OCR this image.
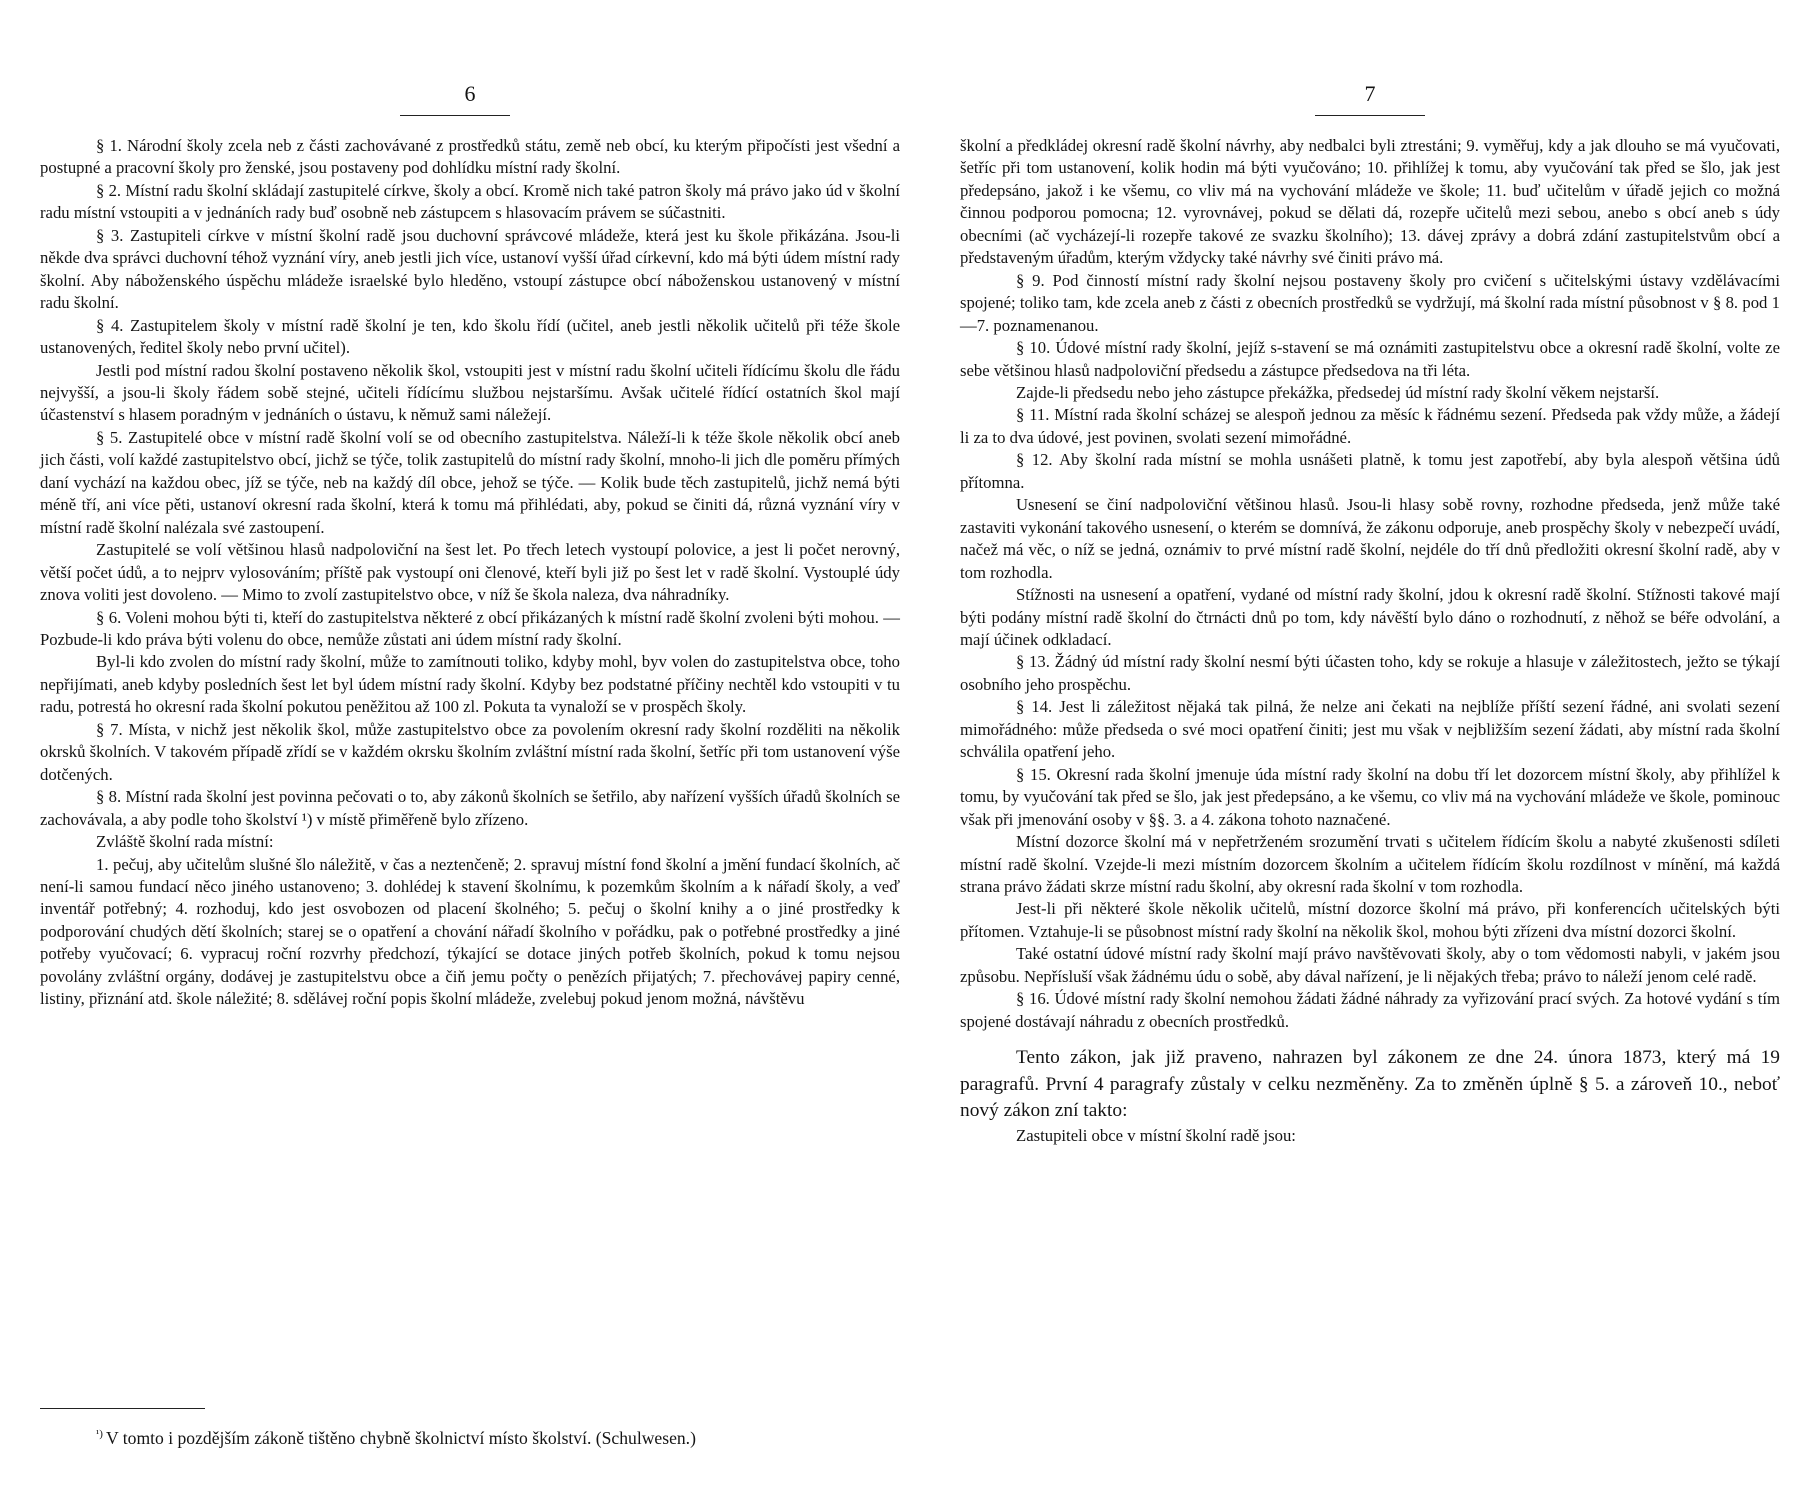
6

§ 1. Národní školy zcela neb z části zachovávané z prostředků státu, země neb obcí, ku kterým připočísti jest všední a postupné a pracovní školy pro ženské, jsou postaveny pod dohlídku místní rady školní.

§ 2. Místní radu školní skládají zastupitelé církve, školy a obcí. Kromě nich také patron školy má právo jako úd v školní radu místní vstoupiti a v jednáních rady buď osobně neb zástupcem s hlasovacím právem se súčastniti.

§ 3. Zastupiteli církve v místní školní radě jsou duchovní správcové mládeže, která jest ku škole přikázána. Jsou-li někde dva správci duchovní téhož vyznání víry, aneb jestli jich více, ustanoví vyšší úřad církevní, kdo má býti údem místní rady školní. Aby náboženského úspěchu mládeže israelské bylo hleděno, vstoupí zástupce obcí náboženskou ustanovený v místní radu školní.

§ 4. Zastupitelem školy v místní radě školní je ten, kdo školu řídí (učitel, aneb jestli několik učitelů při téže škole ustanovených, ředitel školy nebo první učitel).

Jestli pod místní radou školní postaveno několik škol, vstoupiti jest v místní radu školní učiteli řídícímu školu dle řádu nejvyšší, a jsou-li školy řádem sobě stejné, učiteli řídícímu službou nejstaršímu. Avšak učitelé řídící ostatních škol mají účastenství s hlasem poradným v jednáních o ústavu, k němuž sami náležejí.

§ 5. Zastupitelé obce v místní radě školní volí se od obecního zastupitelstva. Náleží-li k téže škole několik obcí aneb jich části, volí každé zastupitelstvo obcí, jichž se týče, tolik zastupitelů do místní rady školní, mnoho-li jich dle poměru přímých daní vychází na každou obec, jíž se týče, neb na každý díl obce, jehož se týče. — Kolik bude těch zastupitelů, jichž nemá býti méně tří, ani více pěti, ustanoví okresní rada školní, která k tomu má přihlédati, aby, pokud se činiti dá, různá vyznání víry v místní radě školní nalézala své zastoupení.

Zastupitelé se volí většinou hlasů nadpoloviční na šest let. Po třech letech vystoupí polovice, a jest li počet nerovný, větší počet údů, a to nejprv vylosováním; příště pak vystoupí oni členové, kteří byli již po šest let v radě školní. Vystouplé údy znova voliti jest dovoleno. — Mimo to zvolí zastupitelstvo obce, v níž še škola naleza, dva náhradníky.

§ 6. Voleni mohou býti ti, kteří do zastupitelstva některé z obcí přikázaných k místní radě školní zvoleni býti mohou. — Pozbude-li kdo práva býti volenu do obce, nemůže zůstati ani údem místní rady školní.

Byl-li kdo zvolen do místní rady školní, může to zamítnouti toliko, kdyby mohl, byv volen do zastupitelstva obce, toho nepřijímati, aneb kdyby posledních šest let byl údem místní rady školní. Kdyby bez podstatné příčiny nechtěl kdo vstoupiti v tu radu, potrestá ho okresní rada školní pokutou peněžitou až 100 zl. Pokuta ta vynaloží se v prospěch školy.

§ 7. Místa, v nichž jest několik škol, může zastupitelstvo obce za povolením okresní rady školní rozděliti na několik okrsků školních. V takovém případě zřídí se v každém okrsku školním zvláštní místní rada školní, šetříc při tom ustanovení výše dotčených.

§ 8. Místní rada školní jest povinna pečovati o to, aby zákonů školních se šetřilo, aby nařízení vyšších úřadů školních se zachovávala, a aby podle toho školství ¹) v místě přiměřeně bylo zřízeno.

Zvláště školní rada místní:

1. pečuj, aby učitelům slušné šlo náležitě, v čas a neztenčeně; 2. spravuj místní fond školní a jmění fundací školních, ač není-li samou fundací něco jiného ustanoveno; 3. dohlédej k stavení školnímu, k pozemkům školním a k nářadí školy, a veď inventář potřebný; 4. rozhoduj, kdo jest osvobozen od placení školného; 5. pečuj o školní knihy a o jiné prostředky k podporování chudých dětí školních; starej se o opatření a chování nářadí školního v pořádku, pak o potřebné prostředky a jiné potřeby vyučovací; 6. vypracuj roční rozvrhy předchozí, týkající se dotace jiných potřeb školních, pokud k tomu nejsou povolány zvláštní orgány, dodávej je zastupitelstvu obce a čiň jemu počty o penězích přijatých; 7. přechovávej papiry cenné, listiny, přiznání atd. škole náležité; 8. sdělávej roční popis školní mládeže, zvelebuj pokud jenom možná, návštěvu

$^{^1)}$ V tomto i pozdějším zákoně tištěno chybně školnictví místo školství. (Schulwesen.)
7

školní a předkládej okresní radě školní návrhy, aby nedbalci byli ztrestáni; 9. vyměřuj, kdy a jak dlouho se má vyučovati, šetříc při tom ustanovení, kolik hodin má býti vyučováno; 10. přihlížej k tomu, aby vyučování tak před se šlo, jak jest předepsáno, jakož i ke všemu, co vliv má na vychování mládeže ve škole; 11. buď učitelům v úřadě jejich co možná činnou podporou pomocna; 12. vyrovnávej, pokud se dělati dá, rozepře učitelů mezi sebou, anebo s obcí aneb s údy obecními (ač vycházejí-li rozepře takové ze svazku školního); 13. dávej zprávy a dobrá zdání zastupitelstvům obcí a představeným úřadům, kterým vždycky také návrhy své činiti právo má.

§ 9. Pod činností místní rady školní nejsou postaveny školy pro cvičení s učitelskými ústavy vzdělávacími spojené; toliko tam, kde zcela aneb z části z obecních prostředků se vydržují, má školní rada místní působnost v § 8. pod 1—7. poznamenanou.

§ 10. Údové místní rady školní, jejíž s-stavení se má oznámiti zastupitelstvu obce a okresní radě školní, volte ze sebe většinou hlasů nadpoloviční předsedu a zástupce předsedova na tři léta.

Zajde-li předsedu nebo jeho zástupce překážka, předsedej úd místní rady školní věkem nejstarší.

§ 11. Místní rada školní scházej se alespoň jednou za měsíc k řádnému sezení. Předseda pak vždy může, a žádejí li za to dva údové, jest povinen, svolati sezení mimořádné.

§ 12. Aby školní rada místní se mohla usnášeti platně, k tomu jest zapotřebí, aby byla alespoň většina údů přítomna.

Usnesení se činí nadpoloviční většinou hlasů. Jsou-li hlasy sobě rovny, rozhodne předseda, jenž může také zastaviti vykonání takového usnesení, o kterém se domnívá, že zákonu odporuje, aneb prospěchy školy v nebezpečí uvádí, načež má věc, o níž se jedná, oznámiv to prvé místní radě školní, nejdéle do tří dnů předložiti okresní školní radě, aby v tom rozhodla.

Stížnosti na usnesení a opatření, vydané od místní rady školní, jdou k okresní radě školní. Stížnosti takové mají býti podány místní radě školní do čtrnácti dnů po tom, kdy návěští bylo dáno o rozhodnutí, z něhož se béře odvolání, a mají účinek odkladací.

§ 13. Žádný úd místní rady školní nesmí býti účasten toho, kdy se rokuje a hlasuje v záležitostech, ježto se týkají osobního jeho prospěchu.

§ 14. Jest li záležitost nějaká tak pilná, že nelze ani čekati na nejblíže příští sezení řádné, ani svolati sezení mimořádného: může předseda o své moci opatření činiti; jest mu však v nejbližším sezení žádati, aby místní rada školní schválila opatření jeho.

§ 15. Okresní rada školní jmenuje úda místní rady školní na dobu tří let dozorcem místní školy, aby přihlížel k tomu, by vyučování tak před se šlo, jak jest předepsáno, a ke všemu, co vliv má na vychování mládeže ve škole, pominouc však při jmenování osoby v §§. 3. a 4. zákona tohoto naznačené.

Místní dozorce školní má v nepřetrženém srozumění trvati s učitelem řídícím školu a nabyté zkušenosti sdíleti místní radě školní. Vzejde-li mezi místním dozorcem školním a učitelem řídícím školu rozdílnost v mínění, má každá strana právo žádati skrze místní radu školní, aby okresní rada školní v tom rozhodla.

Jest-li při některé škole několik učitelů, místní dozorce školní má právo, při konferencích učitelských býti přítomen. Vztahuje-li se působnost místní rady školní na několik škol, mohou býti zřízeni dva místní dozorci školní.

Také ostatní údové místní rady školní mají právo navštěvovati školy, aby o tom vědomosti nabyli, v jakém jsou způsobu. Nepřísluší však žádnému údu o sobě, aby dával nařízení, je li nějakých třeba; právo to náleží jenom celé radě.

§ 16. Údové místní rady školní nemohou žádati žádné náhrady za vyřizování prací svých. Za hotové vydání s tím spojené dostávají náhradu z obecních prostředků.

Tento zákon, jak již praveno, nahrazen byl zákonem ze dne 24. února 1873, který má 19 paragrafů. První 4 paragrafy zůstaly v celku nezměněny. Za to změněn úplně § 5. a zároveň 10., neboť nový zákon zní takto:

Zastupiteli obce v místní školní radě jsou:
